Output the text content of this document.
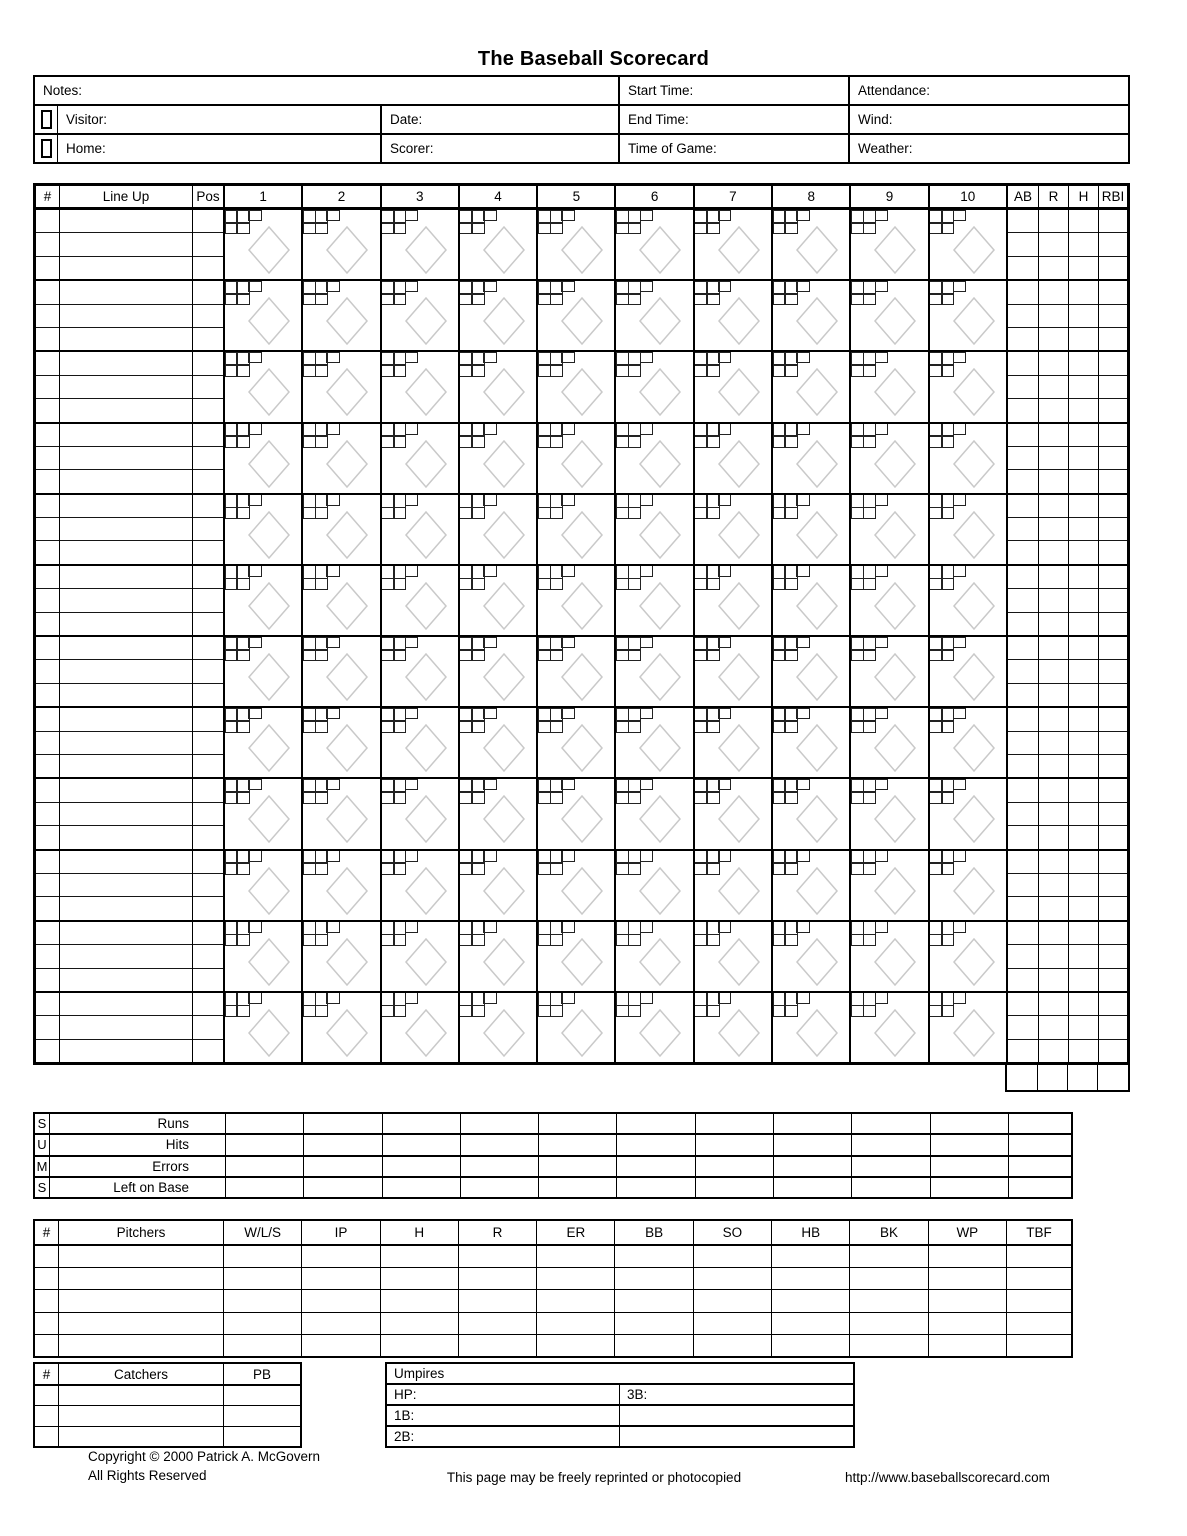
The Baseball Scorecard
Notes:	Start Time:	Attendance:
Visitor:	Date:	End Time:	Wind:
Home:	Scorer:	Time of Game:	Weather:
#	Line Up	Pos	1	2	3	4	5	6	7	8	9	10	AB	R	H RBI
S	Runs
U	Hits
M	Errors
S	Left on Base
#	Pitchers	W/L/S	IP	H	R	ER	BB	SO	HB	BK	WP	TBF
#	Catchers	PB	Umpires
HP:	3B:
1B:
2B:
Copyright © 2000 Patrick A. McGovern
All Rights Reserved	This page may be freely reprinted or photocopied	http://www.baseballscorecard.com
